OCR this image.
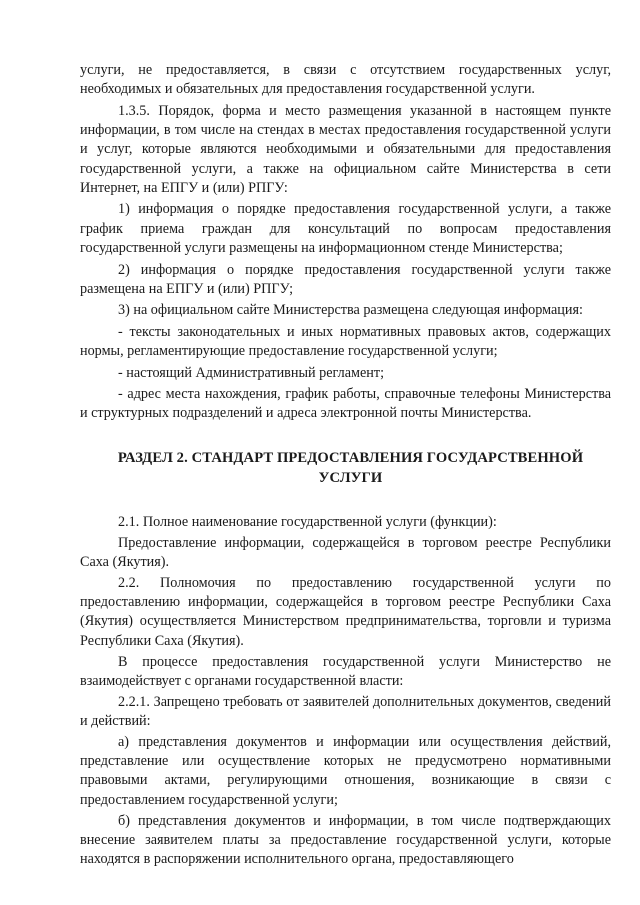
услуги, не предоставляется, в связи с отсутствием государственных услуг, необходимых и обязательных для предоставления государственной услуги.

1.3.5. Порядок, форма и место размещения указанной в настоящем пункте информации, в том числе на стендах в местах предоставления государственной услуги и услуг, которые являются необходимыми и обязательными для предоставления государственной услуги, а также на официальном сайте Министерства в сети Интернет, на ЕПГУ и (или) РПГУ:

1) информация о порядке предоставления государственной услуги, а также график приема граждан для консультаций по вопросам предоставления государственной услуги размещены на информационном стенде Министерства;

2) информация о порядке предоставления государственной услуги также размещена на ЕПГУ и (или) РПГУ;

3) на официальном сайте Министерства размещена следующая информация:

- тексты законодательных и иных нормативных правовых актов, содержащих нормы, регламентирующие предоставление государственной услуги;

- настоящий Административный регламент;

- адрес места нахождения, график работы, справочные телефоны Министерства и структурных подразделений и адреса электронной почты Министерства.

РАЗДЕЛ 2. СТАНДАРТ ПРЕДОСТАВЛЕНИЯ ГОСУДАРСТВЕННОЙ УСЛУГИ

2.1. Полное наименование государственной услуги (функции):

Предоставление информации, содержащейся в торговом реестре Республики Саха (Якутия).

2.2. Полномочия по предоставлению государственной услуги по предоставлению информации, содержащейся в торговом реестре Республики Саха (Якутия) осуществляется Министерством предпринимательства, торговли и туризма Республики Саха (Якутия).

В процессе предоставления государственной услуги Министерство не взаимодействует с органами государственной власти:

2.2.1. Запрещено требовать от заявителей дополнительных документов, сведений и действий:

а) представления документов и информации или осуществления действий, представление или осуществление которых не предусмотрено нормативными правовыми актами, регулирующими отношения, возникающие в связи с предоставлением государственной услуги;

б) представления документов и информации, в том числе подтверждающих внесение заявителем платы за предоставление государственной услуги, которые находятся в распоряжении исполнительного органа, предоставляющего
